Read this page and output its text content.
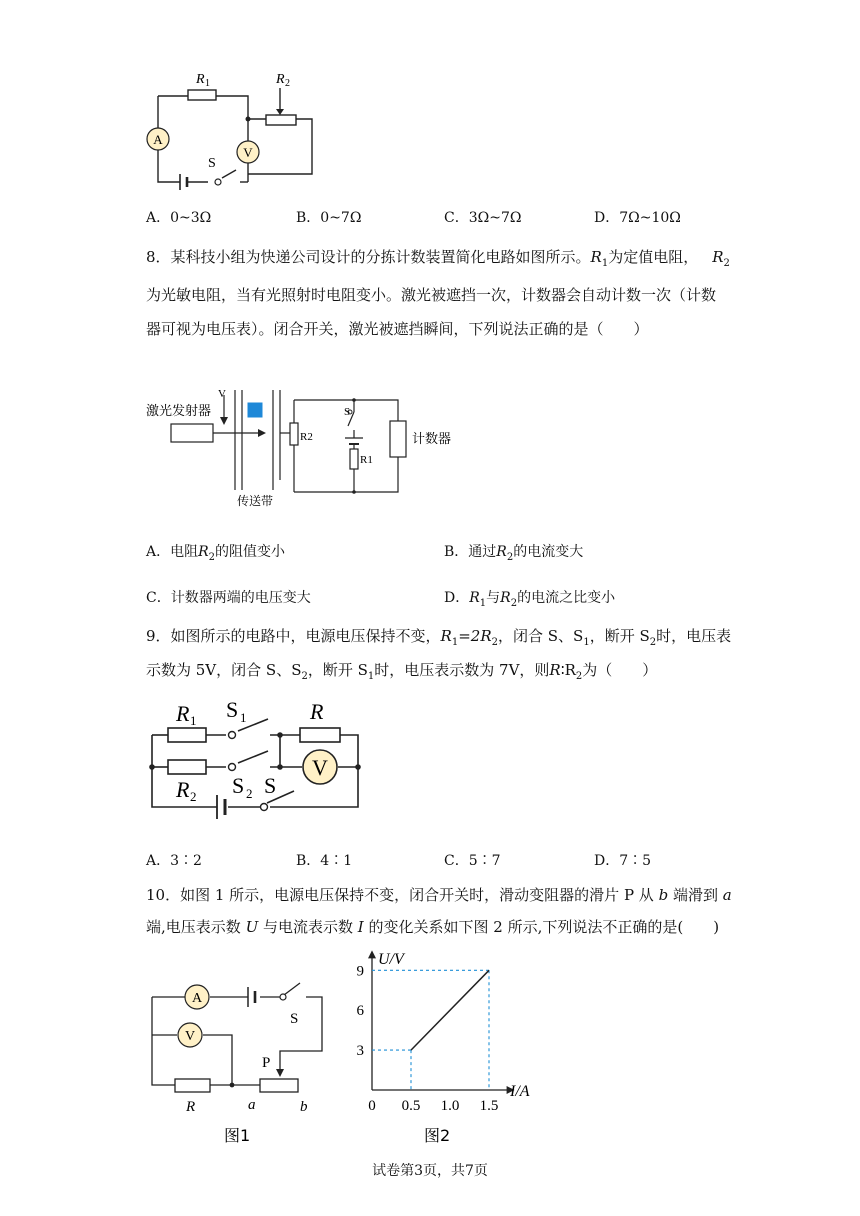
A
V
R 1	R 2
S
A．0~3Ω	B．0~7Ω	C．3Ω~7Ω	D．7Ω~10Ω
8．某科技小组为快递公司设计的分拣计数装置简化电路如图所示。$R_1$为定值电阻， $R_2$
为光敏电阻，当有光照射时电阻变小。激光被遮挡一次，计数器会自动计数一次（计数
器可视为电压表）。闭合开关，激光被遮挡瞬间，下列说法正确的是（　　）
激光发射器
V
传送带
R2
R1
S
计数器
A．电阻$R_2$的阻值变小	B．通过$R_2$的电流变大
C．计数器两端的电压变大	D．$R_1$与$R_2$的电流之比变小
9．如图所示的电路中，电源电压保持不变，$R_1=2R_2$，闭合 S、$S_1$，断开 $S_2$时，电压表
示数为 5V，闭合 S、$S_2$，断开 $S_1$时，电压表示数为 7V，则$R∶R_2$为（　　）
V
R 1 S 1	R
R 2 S 2 S
A．3∶2	B．4∶1	C．5∶7	D．7∶5
10．如图 1 所示，电源电压保持不变，闭合开关时，滑动变阻器的滑片 P 从 b 端滑到 a
端,电压表示数 U 与电流表示数 I 的变化关系如下图 2 所示,下列说法不正确的是(　　)
A
V
S
P
R	a	b
图1
3
6
9
0 0.5 1.0 1.5
U/V
I/A
图2
试卷第3页，共7页
